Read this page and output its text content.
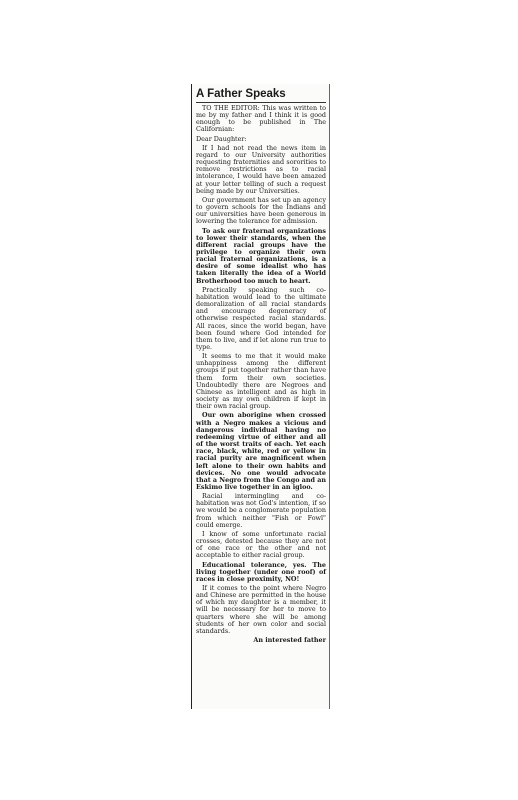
A Father Speaks

TO THE EDITOR: This was written to me by my father and I think it is good enough to be published in The Californian:

Dear Daughter:

If I had not read the news item in regard to our University authorities requesting fraternities and sororities to remove restrictions as to racial intolerance, I would have been amazed at your letter telling of such a request being made by our Universities.

Our government has set up an agency to govern schools for the Indians and our universities have been generous in lowering the tolerance for admission.

To ask our fraternal organizations to lower their standards, when the different racial groups have the privilege to organize their own racial fraternal organizations, is a desire of some idealist who has taken literally the idea of a World Brotherhood too much to heart.

Practically speaking such co-habitation would lead to the ultimate demoralization of all racial standards and encourage degeneracy of otherwise respected racial standards. All races, since the world began, have been found where God intended for them to live, and if let alone run true to type.

It seems to me that it would make unhappiness among the different groups if put together rather than have them form their own societies. Undoubtedly there are Negroes and Chinese as intelligent and as high in society as my own children if kept in their own racial group.

Our own aborigine when crossed with a Negro makes a vicious and dangerous individual having no redeeming virtue of either and all of the worst traits of each. Yet each race, black, white, red or yellow in racial purity are magnificent when left alone to their own habits and devices. No one would advocate that a Negro from the Congo and an Eskimo live together in an igloo.

Racial intermingling and co-habitation was not God's intention, if so we would be a conglomerate population from which neither "Fish or Fowl" could emerge.

I know of some unfortunate racial crosses, detested because they are not of one race or the other and not acceptable to either racial group.

Educational tolerance, yes. The living together (under one roof) of races in close proximity, NO!

If it comes to the point where Negro and Chinese are permitted in the house of which my daughter is a member, it will be necessary for her to move to quarters where she will be among students of her own color and social standards.

An interested father
